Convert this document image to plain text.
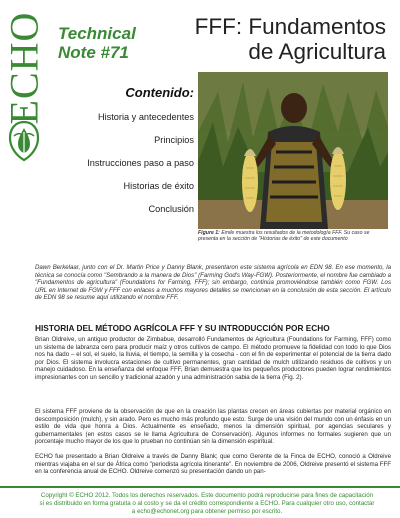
ECHO Technical
Note #71
FFF: Fundamentos
de Agricultura
Contenido:
Historia y antecedentes
Principios
Instrucciones paso a paso
Historias de éxito
Conclusión
Figure 1: Emile muestra los resultados de la metodología FFF. Su caso se presenta en la sección de "Historias de éxito" de este documento
Dawn Berkelaar, junto con el Dr. Martin Price y Danny Blank, presentaron este sistema agrícola en EDN 98. En ese momento, la técnica se conocía como "Sembrando a la manera de Dios" (Farming God's Way-FGW). Posteriormente, el nombre fue cambiado a "Fundamentos de agricultura" (Foundations for Farming, FFF); sin embargo, continúa promoviéndose también como FGW. Los URL en Internet de FGW y FFF con enlaces a muchos mayores detalles se mencionan en la conclusión de esta sección. El artículo de EDN 98 se resume aquí utilizando el nombre FFF.
HISTORIA DEL MÉTODO AGRÍCOLA FFF Y SU INTRODUCCIÓN POR ECHO
Brian Oldreive, un antiguo productor de Zimbabue, desarrolló Fundamentos de Agricultura (Foundations for Farming, FFF) como un sistema de labranza cero para producir maíz y otros cultivos de campo. El método promueve la fidelidad con todo lo que Dios nos ha dado – el sol, el suelo, la lluvia, el tiempo, la semilla y la cosecha - con el fin de experimentar el potencial de la tierra dado por Dios. El sistema involucra estaciones de cultivo permanentes, gran cantidad de mulch utilizando residuos de cultivos y un manejo cuidadoso. En la enseñanza del enfoque FFF, Brian demuestra que los pequeños productores pueden lograr rendimientos impresionantes con un sencillo y tradicional azadón y una administración sabia de la tierra (Fig. 2).
El sistema FFF proviene de la observación de que en la creación las plantas crecen en áreas cubiertas por material orgánico en descomposición (mulch), y sin arado. Pero es mucho más profundo que esto. Surge de una visión del mundo con un énfasis en un estilo de vida que honra a Dios. Actualmente es enseñado, menos la dimensión spiritual, por agencias seculares y gubernamentales (en estos casos se le llama Agricultura de Conservación). Algunos informes no formales sugieren que un porcentaje mucho mayor de los que lo prueban no continúan sin la dimensión espiritual.
ECHO fue presentado a Brian Oldreive a través de Danny Blank; que como Gerente de la Finca de ECHO, conoció a Oldreive mientras viajaba en el sur de África como "periodista agrícola itinerante". En noviembre de 2006, Oldreive presentó el sistema FFF en la conferencia anual de ECHO. Oldreive comenzó su presentación dando un pan-
Copyright © ECHO 2012. Todos los derechos reservados. Este documento podrá reproducirse para fines de capacitación
si es distribuido en forma gratuita o al costo y se da el crédito correspondiente a ECHO. Para cualquier otro uso, contactar
a echo@echonet.org para obtener permiso por escrito.
